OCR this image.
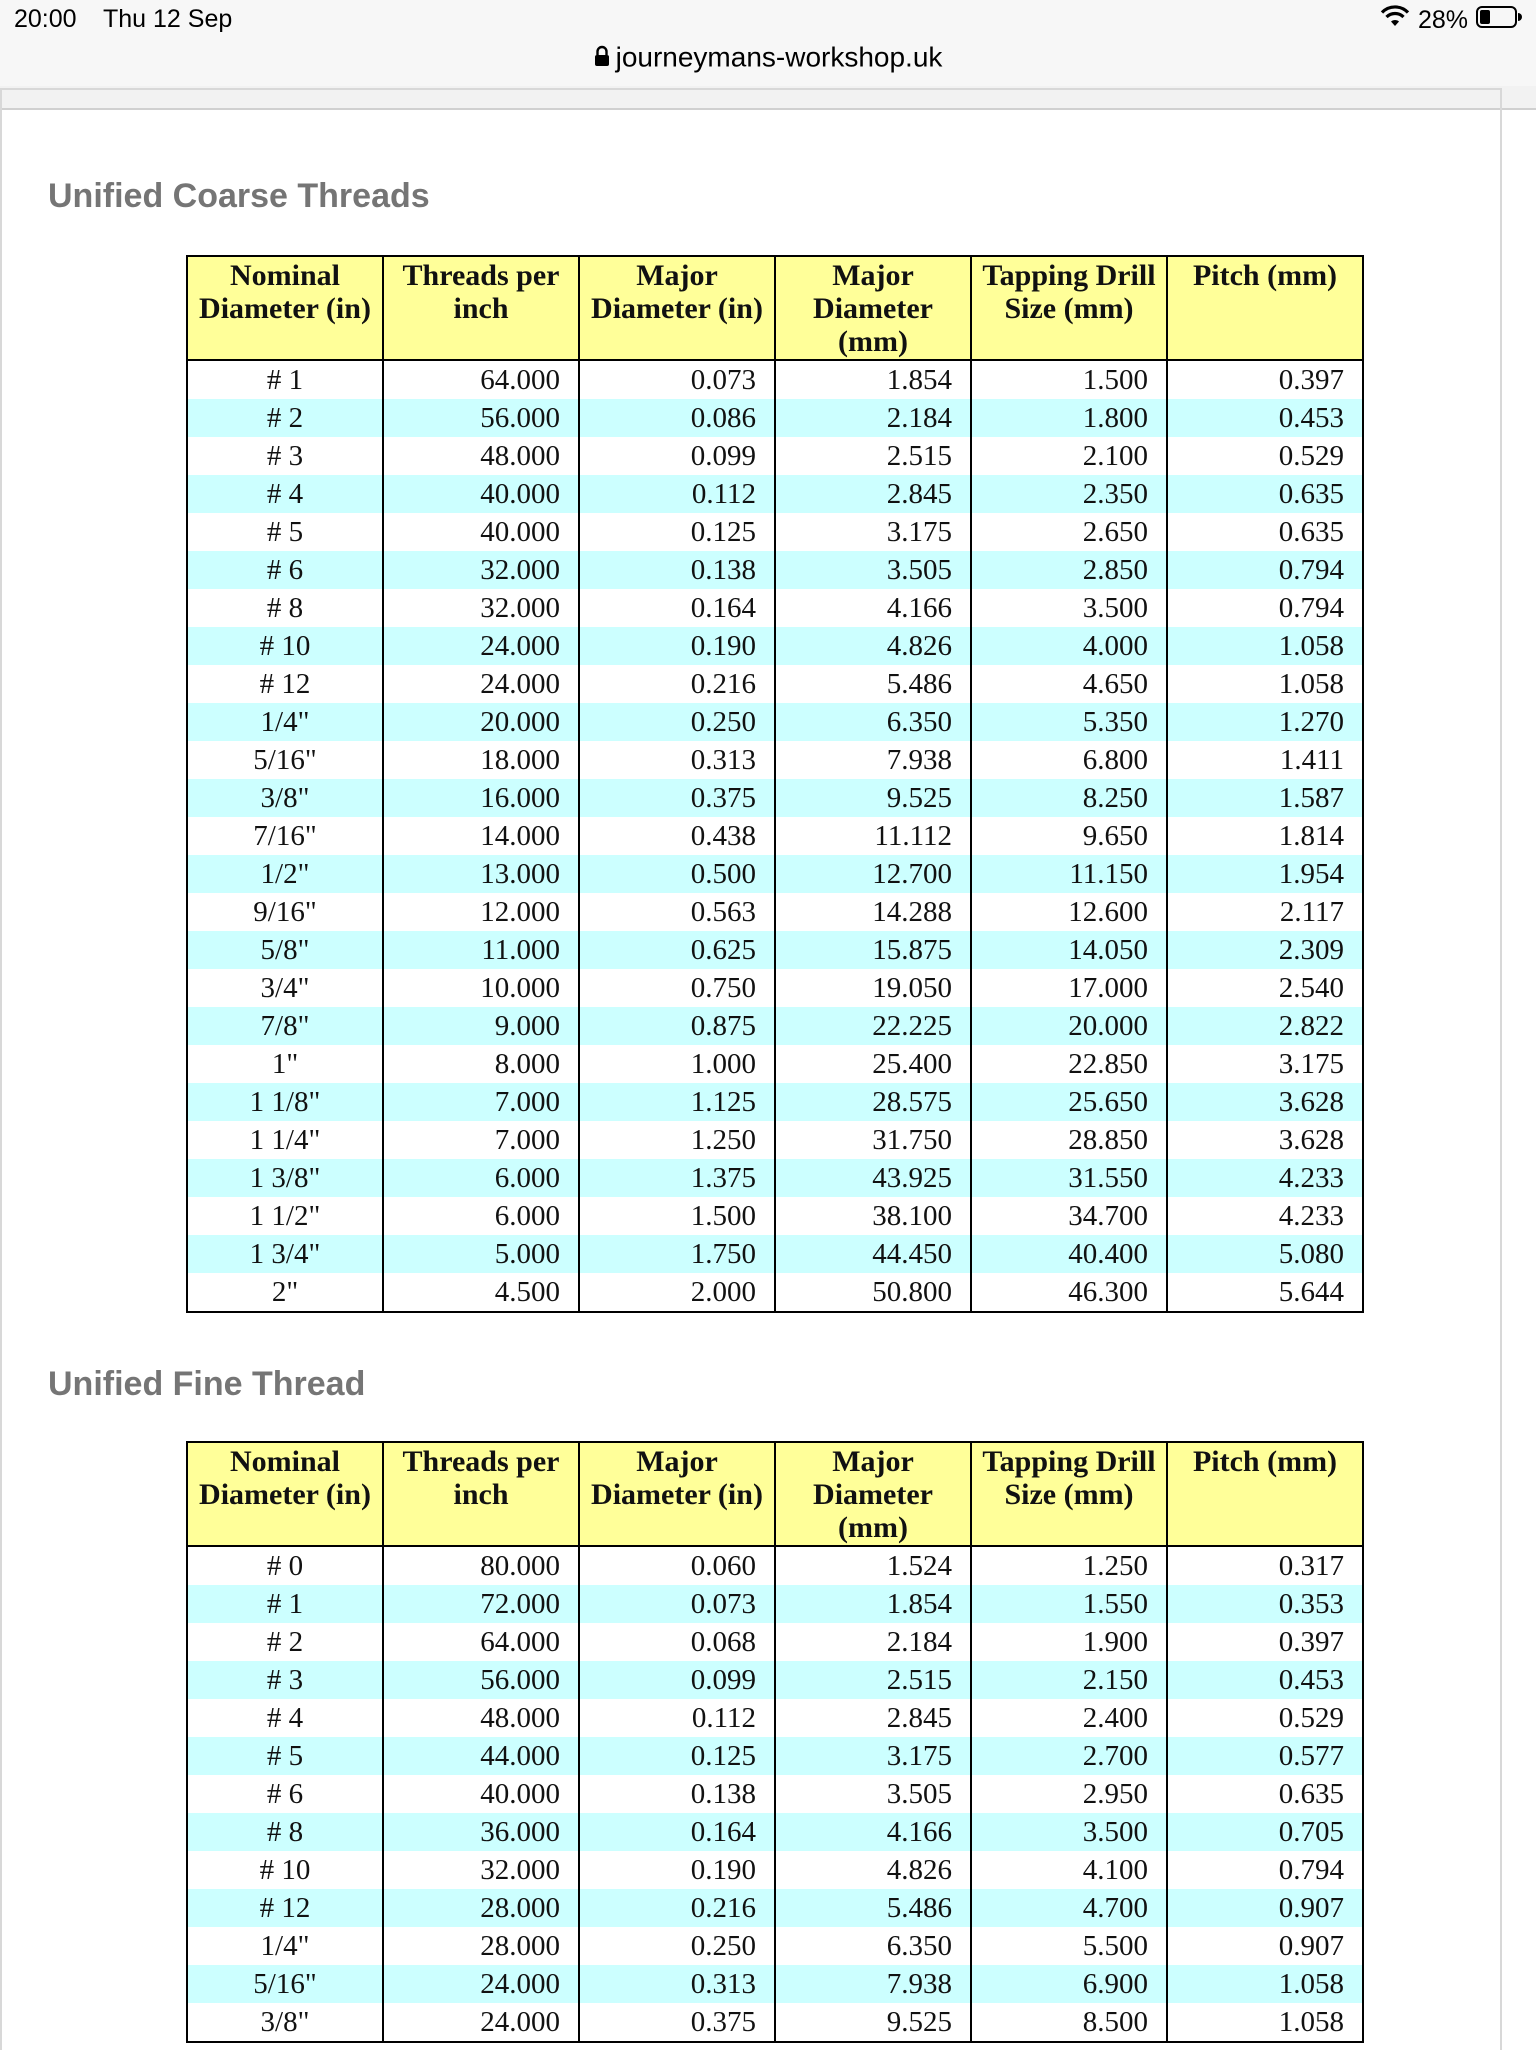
20:00 Thu 12 Sep	28%
journeymans-workshop.uk
Unified Coarse Threads
Nominal Diameter (in)	Threads per inch	Major Diameter (in)	Major Diameter (mm)	Tapping Drill Size (mm)	Pitch (mm)
# 1	64.000	0.073	1.854	1.500	0.397
# 2	56.000	0.086	2.184	1.800	0.453
# 3	48.000	0.099	2.515	2.100	0.529
# 4	40.000	0.112	2.845	2.350	0.635
# 5	40.000	0.125	3.175	2.650	0.635
# 6	32.000	0.138	3.505	2.850	0.794
# 8	32.000	0.164	4.166	3.500	0.794
# 10	24.000	0.190	4.826	4.000	1.058
# 12	24.000	0.216	5.486	4.650	1.058
1/4"	20.000	0.250	6.350	5.350	1.270
5/16"	18.000	0.313	7.938	6.800	1.411
3/8"	16.000	0.375	9.525	8.250	1.587
7/16"	14.000	0.438	11.112	9.650	1.814
1/2"	13.000	0.500	12.700	11.150	1.954
9/16"	12.000	0.563	14.288	12.600	2.117
5/8"	11.000	0.625	15.875	14.050	2.309
3/4"	10.000	0.750	19.050	17.000	2.540
7/8"	9.000	0.875	22.225	20.000	2.822
1"	8.000	1.000	25.400	22.850	3.175
1 1/8"	7.000	1.125	28.575	25.650	3.628
1 1/4"	7.000	1.250	31.750	28.850	3.628
1 3/8"	6.000	1.375	43.925	31.550	4.233
1 1/2"	6.000	1.500	38.100	34.700	4.233
1 3/4"	5.000	1.750	44.450	40.400	5.080
2"	4.500	2.000	50.800	46.300	5.644
Unified Fine Thread
Nominal Diameter (in)	Threads per inch	Major Diameter (in)	Major Diameter (mm)	Tapping Drill Size (mm)	Pitch (mm)
# 0	80.000	0.060	1.524	1.250	0.317
# 1	72.000	0.073	1.854	1.550	0.353
# 2	64.000	0.068	2.184	1.900	0.397
# 3	56.000	0.099	2.515	2.150	0.453
# 4	48.000	0.112	2.845	2.400	0.529
# 5	44.000	0.125	3.175	2.700	0.577
# 6	40.000	0.138	3.505	2.950	0.635
# 8	36.000	0.164	4.166	3.500	0.705
# 10	32.000	0.190	4.826	4.100	0.794
# 12	28.000	0.216	5.486	4.700	0.907
1/4"	28.000	0.250	6.350	5.500	0.907
5/16"	24.000	0.313	7.938	6.900	1.058
3/8"	24.000	0.375	9.525	8.500	1.058
